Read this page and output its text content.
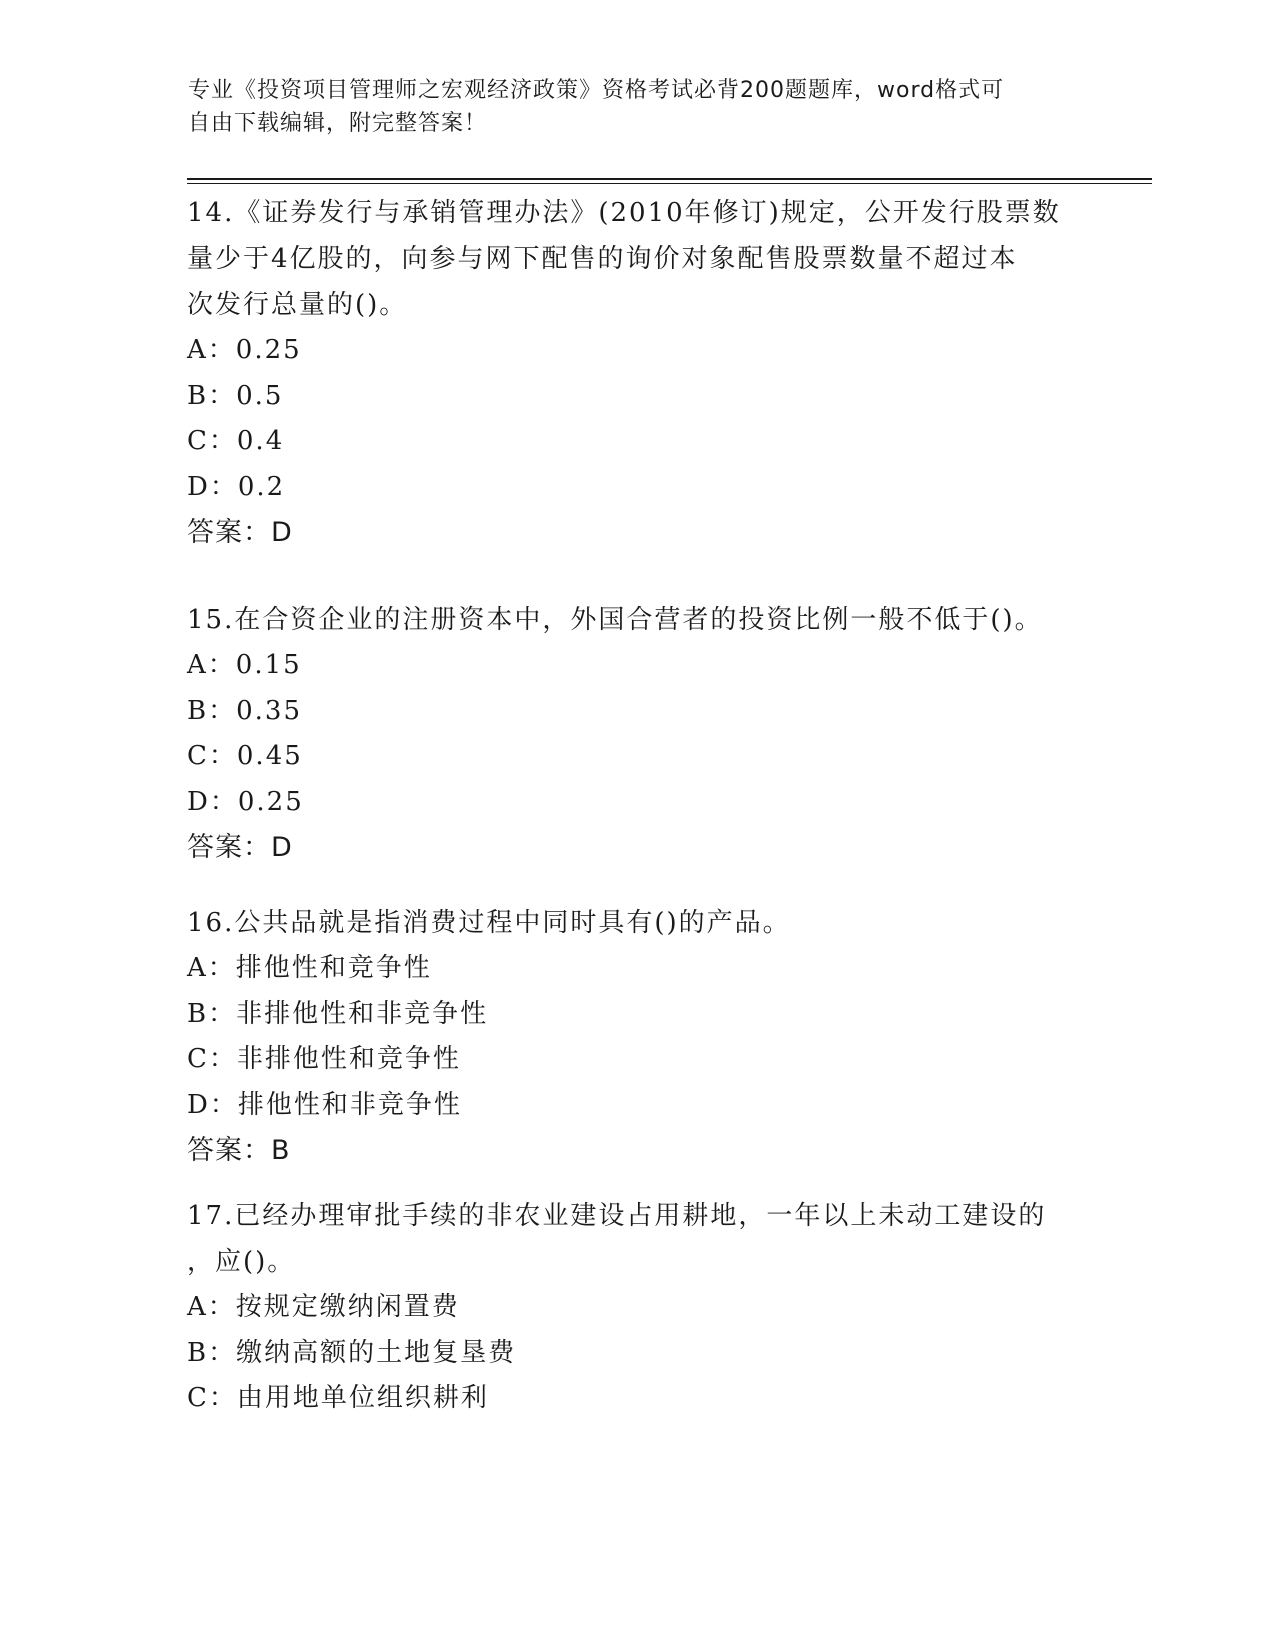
专业《投资项目管理师之宏观经济政策》资格考试必背200题题库，word格式可
自由下载编辑，附完整答案！

14.《证券发行与承销管理办法》(2010年修订)规定，公开发行股票数

量少于4亿股的，向参与网下配售的询价对象配售股票数量不超过本

次发行总量的()。

A：0.25

B：0.5

C：0.4

D：0.2

答案：D

15.在合资企业的注册资本中，外国合营者的投资比例一般不低于()。

A：0.15

B：0.35

C：0.45

D：0.25

答案：D

16.公共品就是指消费过程中同时具有()的产品。

A：排他性和竞争性

B：非排他性和非竞争性

C：非排他性和竞争性

D：排他性和非竞争性

答案：B

17.已经办理审批手续的非农业建设占用耕地，一年以上未动工建设的

，应()。

A：按规定缴纳闲置费

B：缴纳高额的土地复垦费

C：由用地单位组织耕利
